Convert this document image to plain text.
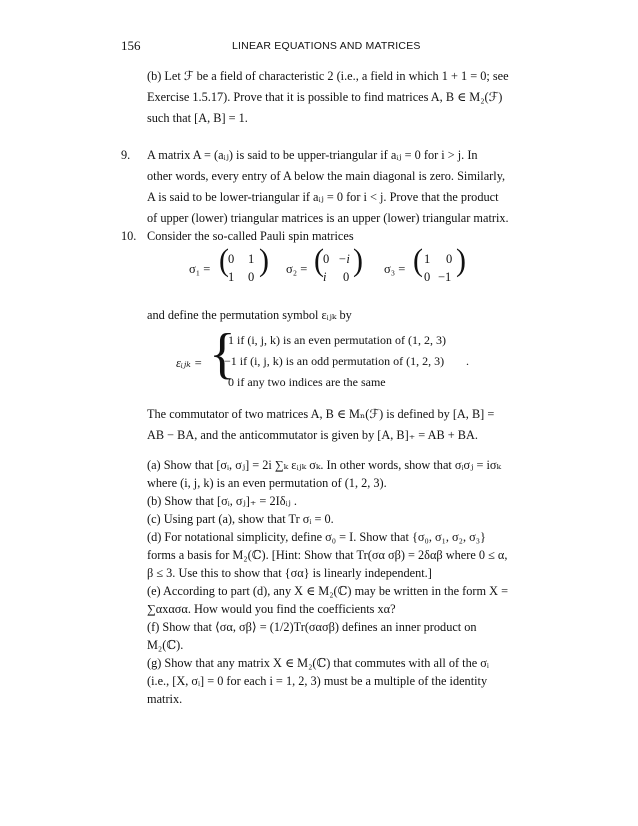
156	LINEAR EQUATIONS AND MATRICES
(b) Let ℱ be a field of characteristic 2 (i.e., a field in which 1 + 1 = 0; see
Exercise 1.5.17). Prove that it is possible to find matrices A, B ∈ M₂(ℱ)
such that [A, B] = 1.
9. A matrix A = (aᵢⱼ) is said to be upper-triangular if aᵢⱼ = 0 for i > j. In
other words, every entry of A below the main diagonal is zero. Similarly,
A is said to be lower-triangular if aᵢⱼ = 0 for i < j. Prove that the product
of upper (lower) triangular matrices is an upper (lower) triangular matrix.
10. Consider the so-called Pauli spin matrices
σ₁ = ( 0 1
1 0 ) σ₂ = ( 0 −i
i 0 ) σ₃ = ( 1 0
0 −1 )
and define the permutation symbol εᵢⱼₖ by
εᵢⱼₖ = {
1 if (i, j, k) is an even permutation of (1, 2, 3)
−1 if (i, j, k) is an odd permutation of (1, 2, 3)
0 if any two indices are the same
.
The commutator of two matrices A, B ∈ Mₙ(ℱ) is defined by [A, B] =
AB − BA, and the anticommutator is given by [A, B]₊ = AB + BA.
(a) Show that [σᵢ, σⱼ] = 2i ∑ₖ εᵢⱼₖ σₖ. In other words, show that σᵢσⱼ = iσₖ
where (i, j, k) is an even permutation of (1, 2, 3).
(b) Show that [σᵢ, σⱼ]₊ = 2Iδᵢⱼ .
(c) Using part (a), show that Tr σᵢ = 0.
(d) For notational simplicity, define σ₀ = I. Show that {σ₀, σ₁, σ₂, σ₃}
forms a basis for M₂(ℂ). [Hint: Show that Tr(σα σβ) = 2δαβ where 0 ≤ α,
β ≤ 3. Use this to show that {σα} is linearly independent.]
(e) According to part (d), any X ∈ M₂(ℂ) may be written in the form X =
∑αxασα. How would you find the coefficients xα?
(f) Show that ⟨σα, σβ⟩ = (1/2)Tr(σασβ) defines an inner product on
M₂(ℂ).
(g) Show that any matrix X ∈ M₂(ℂ) that commutes with all of the σᵢ
(i.e., [X, σᵢ] = 0 for each i = 1, 2, 3) must be a multiple of the identity
matrix.
